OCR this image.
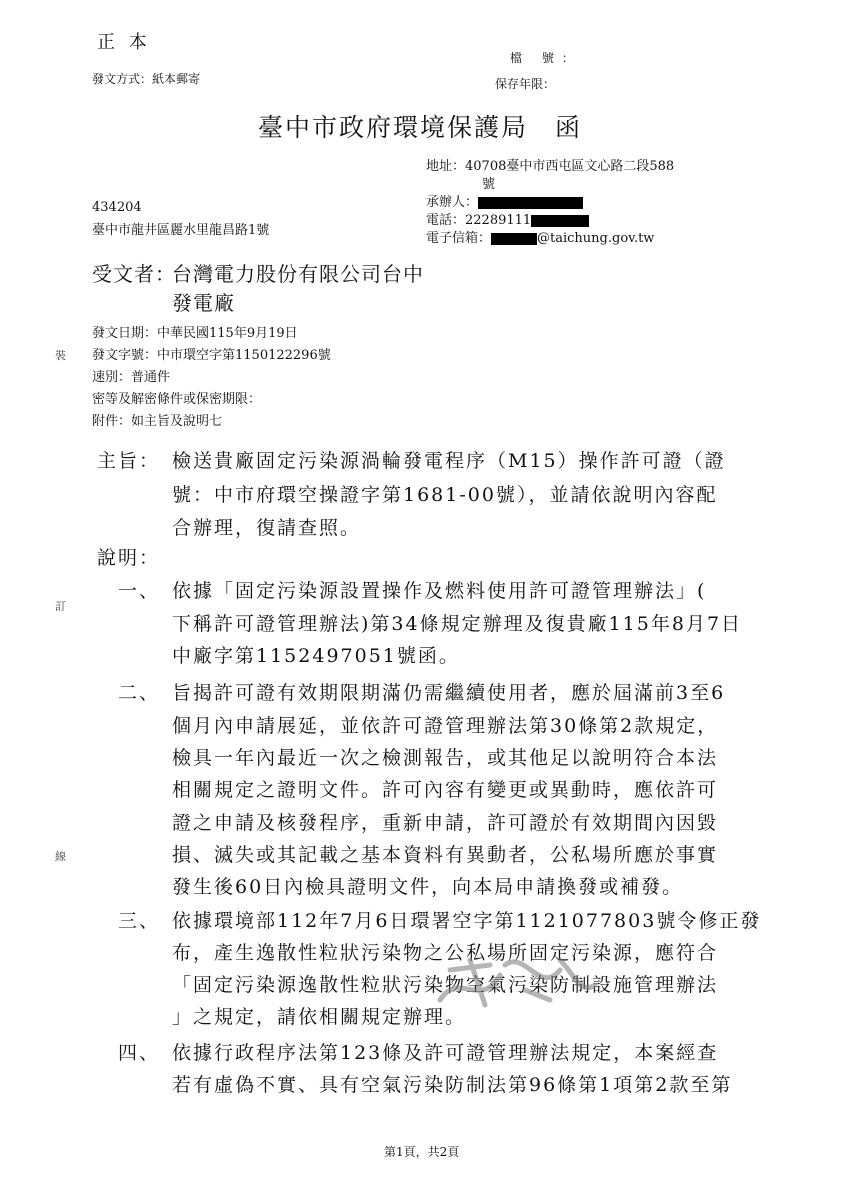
正 本
發文方式：紙本郵寄
檔 號：
保存年限：
臺中市政府環境保護局　函
地址：40708臺中市西屯區文心路二段588
號
承辦人：
電話：22289111
電子信箱：	@taichung.gov.tw
434204
臺中市龍井區麗水里龍昌路1號
受文者：
台灣電力股份有限公司台中
發電廠
發文日期：中華民國115年9月19日
發文字號：中市環空字第1150122296號
速別：普通件
密等及解密條件或保密期限：
附件：如主旨及說明七
裝
訂
線
主旨： 檢送貴廠固定污染源渦輪發電程序（M15）操作許可證（證
號：中市府環空操證字第1681-00號），並請依說明內容配
合辦理，復請查照。
說明：
一、 依據「固定污染源設置操作及燃料使用許可證管理辦法」(
下稱許可證管理辦法)第34條規定辦理及復貴廠115年8月7日
中廠字第1152497051號函。
二、 旨揭許可證有效期限期滿仍需繼續使用者，應於屆滿前3至6
個月內申請展延，並依許可證管理辦法第30條第2款規定，
檢具一年內最近一次之檢測報告，或其他足以說明符合本法
相關規定之證明文件。許可內容有變更或異動時，應依許可
證之申請及核發程序，重新申請，許可證於有效期間內因毀
損、滅失或其記載之基本資料有異動者，公私場所應於事實
發生後60日內檢具證明文件，向本局申請換發或補發。
三、 依據環境部112年7月6日環署空字第1121077803號令修正發
布，產生逸散性粒狀污染物之公私場所固定污染源，應符合
「固定污染源逸散性粒狀污染物空氣污染防制設施管理辦法
」之規定，請依相關規定辦理。
四、 依據行政程序法第123條及許可證管理辦法規定，本案經查
若有虛偽不實、具有空氣污染防制法第96條第1項第2款至第
第1頁，共2頁
